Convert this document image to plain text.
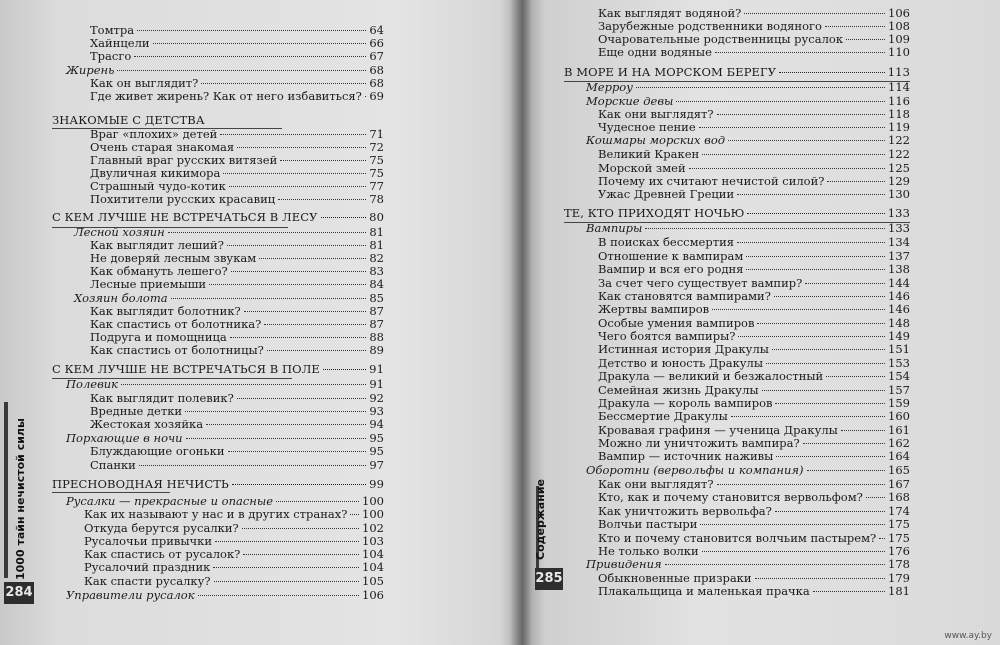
1000 тайн нечистой силы
284
Томтра	64
Хайнцели	66
Трасго	67
Жирень	68
Как он выглядит?	68
Где живет жирень? Как от него избавиться? 69
ЗНАКОМЫЕ С ДЕТСТВА
Враг «плохих» детей	71
Очень старая знакомая	72
Главный враг русских витязей	75
Двуличная кикимора	75
Страшный чудо-котик	77
Похитители русских красавиц	78
С КЕМ ЛУЧШЕ НЕ ВСТРЕЧАТЬСЯ В ЛЕСУ	80
Лесной хозяин	81
Как выглядит леший?	81
Не доверяй лесным звукам	82
Как обмануть лешего?	83
Лесные приемыши	84
Хозяин болота	85
Как выглядит болотник?	87
Как спастись от болотника?	87
Подруга и помощница	88
Как спастись от болотницы?	89
С КЕМ ЛУЧШЕ НЕ ВСТРЕЧАТЬСЯ В ПОЛЕ	91
Полевик	91
Как выглядит полевик?	92
Вредные детки	93
Жестокая хозяйка	94
Порхающие в ночи	95
Блуждающие огоньки	95
Спанки	97
ПРЕСНОВОДНАЯ НЕЧИСТЬ	99
Русалки — прекрасные и опасные	100
Как их называют у нас и в других странах? 100
Откуда берутся русалки?	102
Русалочьи привычки	103
Как спастись от русалок?	104
Русалочий праздник	104
Как спасти русалку?	105
Управители русалок	106
Содержание
285
Как выглядят водяной?	106
Зарубежные родственники водяного	108
Очаровательные родственницы русалок	109
Еще одни водяные	110
В МОРЕ И НА МОРСКОМ БЕРЕГУ	113
Мерроу	114
Морские девы	116
Как они выглядят?	118
Чудесное пение	119
Кошмары морских вод	122
Великий Кракен	122
Морской змей	125
Почему их считают нечистой силой?	129
Ужас Древней Греции	130
ТЕ, КТО ПРИХОДЯТ НОЧЬЮ	133
Вампиры	133
В поисках бессмертия	134
Отношение к вампирам	137
Вампир и вся его родня	138
За счет чего существует вампир?	144
Как становятся вампирами?	146
Жертвы вампиров	146
Особые умения вампиров	148
Чего боятся вампиры?	149
Истинная история Дракулы	151
Детство и юность Дракулы	153
Дракула — великий и безжалостный	154
Семейная жизнь Дракулы	157
Дракула — король вампиров	159
Бессмертие Дракулы	160
Кровавая графиня — ученица Дракулы	161
Можно ли уничтожить вампира?	162
Вампир — источник наживы	164
Оборотни (вервольфы и компания)	165
Как они выглядят?	167
Кто, как и почему становится вервольфом? 168
Как уничтожить вервольфа?	174
Волчьи пастыри	175
Кто и почему становится волчьим пастырем? 175
Не только волки	176
Привидения	178
Обыкновенные призраки	179
Плакальщица и маленькая прачка	181
www.ay.by
